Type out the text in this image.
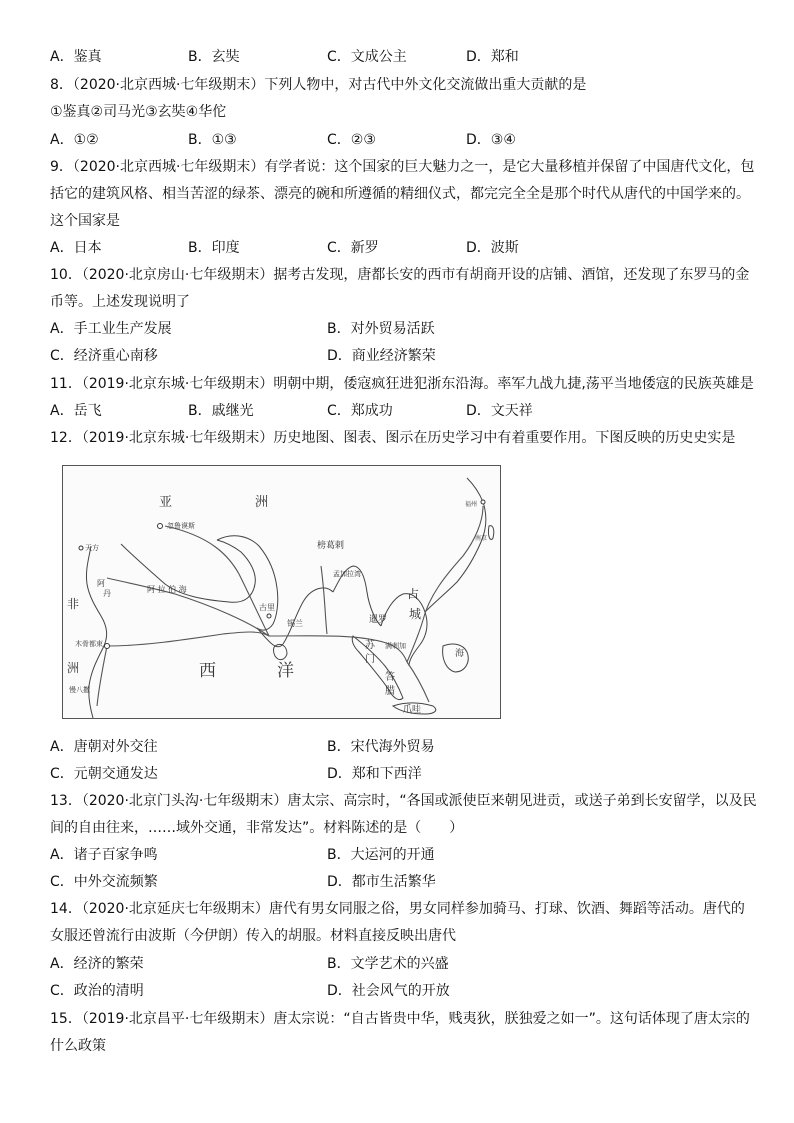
A．鉴真	B．玄奘	C．文成公主	D．郑和
8．（2020·北京西城·七年级期末）下列人物中，对古代中外文化交流做出重大贡献的是
①鉴真②司马光③玄奘④华佗
A．①②	B．①③	C．②③	D．③④
9．（2020·北京西城·七年级期末）有学者说：这个国家的巨大魅力之一，是它大量移植并保留了中国唐代文化，包
括它的建筑风格、相当苦涩的绿茶、漂亮的碗和所遵循的精细仪式，都完完全全是那个时代从唐代的中国学来的。
这个国家是
A．日本	B．印度	C．新罗	D．波斯
10．（2020·北京房山·七年级期末）据考古发现，唐都长安的西市有胡商开设的店铺、酒馆，还发现了东罗马的金
币等。上述发现说明了
A．手工业生产发展	B．对外贸易活跃
C．经济重心南移	D．商业经济繁荣
11．（2019·北京东城·七年级期末）明朝中期，倭寇疯狂进犯浙东沿海。率军九战九捷,荡平当地倭寇的民族英雄是
A．岳飞	B．戚继光	C．郑成功	D．文天祥
12．（2019·北京东城·七年级期末）历史地图、图表、图示在历史学习中有着重要作用。下图反映的历史史实是
亚	洲
忽鲁谟斯
天方
阿
丹
非
木骨都束
洲
慢八撒
阿 拉 伯 海
古里
锡兰
榜葛剌
孟加拉湾
暹罗
占
城
苏
门
答
腊
满剌加
爪哇
南京
福州
西	洋
海
A．唐朝对外交往	B．宋代海外贸易
C．元朝交通发达	D．郑和下西洋
13．（2020·北京门头沟·七年级期末）唐太宗、高宗时，“各国或派使臣来朝见进贡，或送子弟到长安留学，以及民
间的自由往来，……域外交通，非常发达”。材料陈述的是（　　）
A．诸子百家争鸣	B．大运河的开通
C．中外交流频繁	D．都市生活繁华
14．（2020·北京延庆七年级期末）唐代有男女同服之俗，男女同样参加骑马、打球、饮酒、舞蹈等活动。唐代的
女服还曾流行由波斯（今伊朗）传入的胡服。材料直接反映出唐代
A．经济的繁荣	B．文学艺术的兴盛
C．政治的清明	D．社会风气的开放
15．（2019·北京昌平·七年级期末）唐太宗说：“自古皆贵中华，贱夷狄，朕独爱之如一”。这句话体现了唐太宗的
什么政策
